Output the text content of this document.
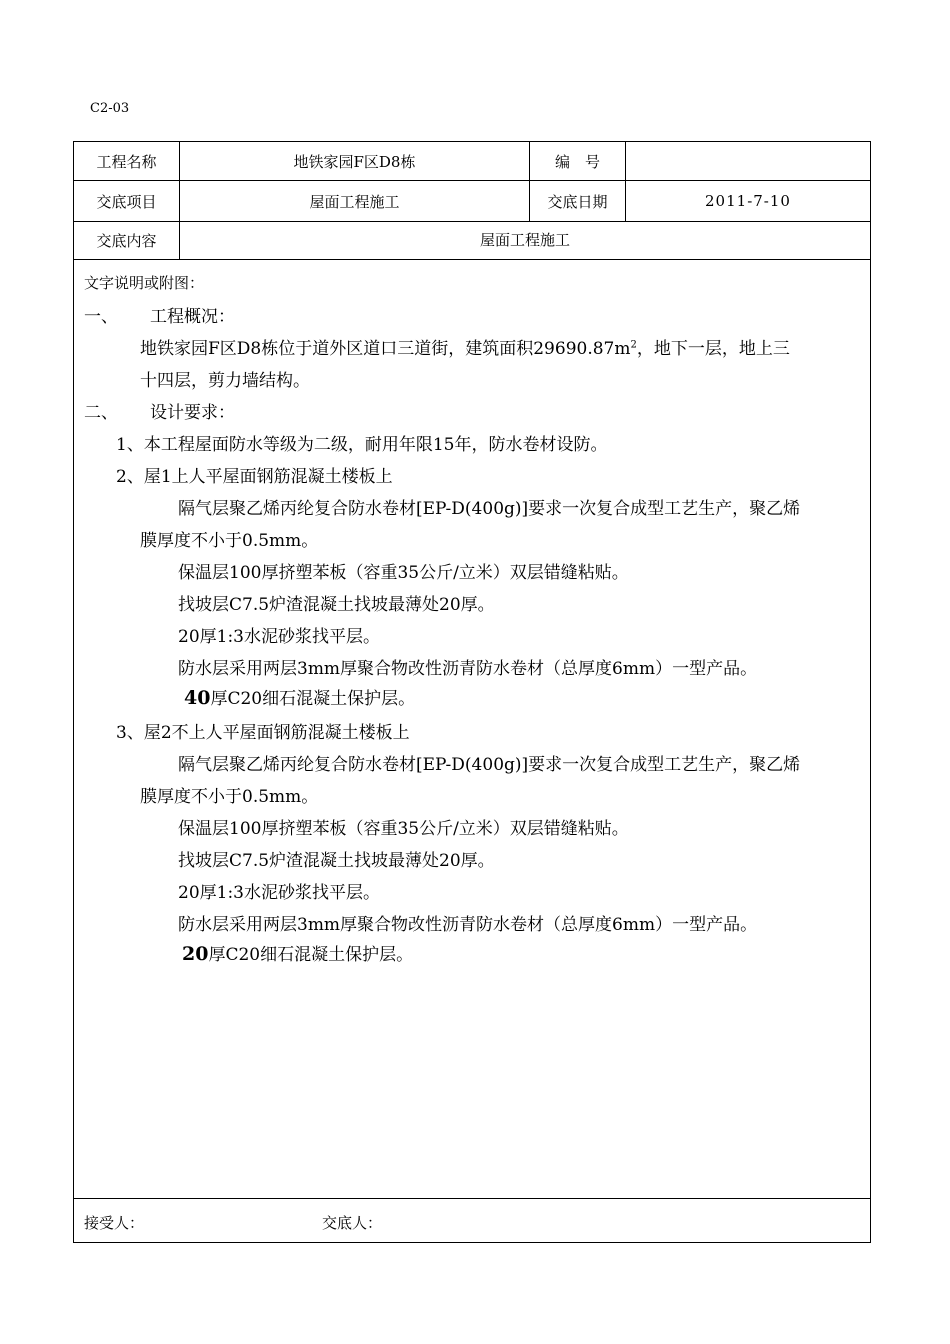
C2-03
工程名称	地铁家园F区D8栋	编　号
交底项目	屋面工程施工	交底日期	2011-7-10
交底内容	屋面工程施工
文字说明或附图：
一、 工程概况：
地铁家园F区D8栋位于道外区道口三道街，建筑面积$29690.87m^2$，地下一层，地上三
十四层，剪力墙结构。
二、 设计要求：
1、本工程屋面防水等级为二级，耐用年限15年，防水卷材设防。
2、屋1上人平屋面钢筋混凝土楼板上
隔气层聚乙烯丙纶复合防水卷材[EP-D(400g)]要求一次复合成型工艺生产，聚乙烯
膜厚度不小于0.5mm。
保温层100厚挤塑苯板（容重35公斤/立米）双层错缝粘贴。
找坡层C7.5炉渣混凝土找坡最薄处20厚。
20厚1:3水泥砂浆找平层。
防水层采用两层3mm厚聚合物改性沥青防水卷材（总厚度6mm）一型产品。
40厚C20细石混凝土保护层。
3、屋2不上人平屋面钢筋混凝土楼板上
隔气层聚乙烯丙纶复合防水卷材[EP-D(400g)]要求一次复合成型工艺生产，聚乙烯
膜厚度不小于0.5mm。
保温层100厚挤塑苯板（容重35公斤/立米）双层错缝粘贴。
找坡层C7.5炉渣混凝土找坡最薄处20厚。
20厚1:3水泥砂浆找平层。
防水层采用两层3mm厚聚合物改性沥青防水卷材（总厚度6mm）一型产品。
20厚C20细石混凝土保护层。
接受人：	交底人：
